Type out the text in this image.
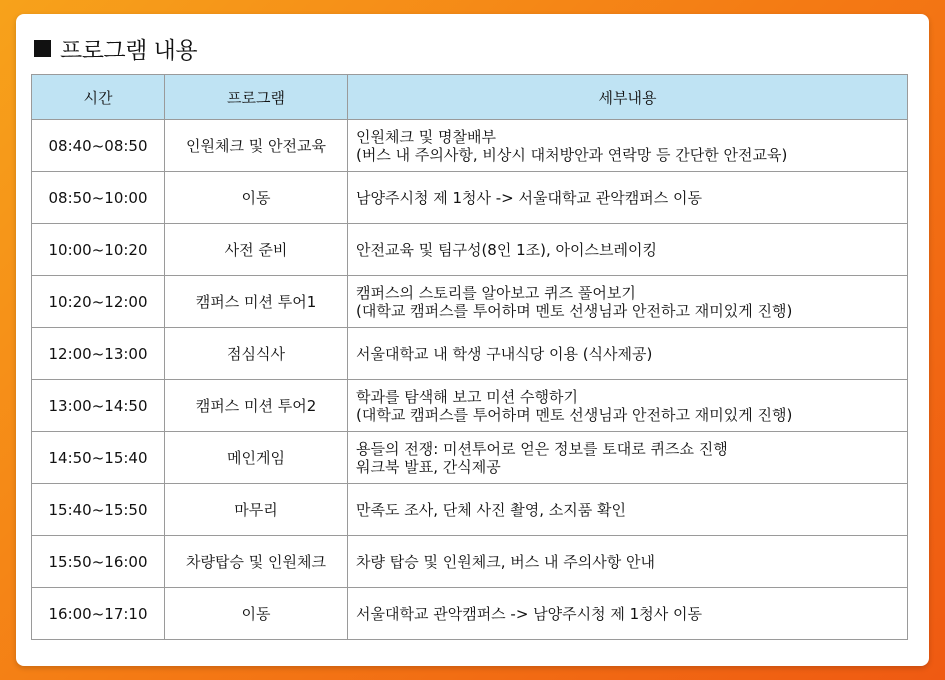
프로그램 내용
시간	프로그램	세부내용
08:40~08:50	인원체크 및 안전교육	인원체크 및 명찰배부
(버스 내 주의사항, 비상시 대처방안과 연락망 등 간단한 안전교육)

08:50~10:00	이동	남양주시청 제 1청사 -> 서울대학교 관악캠퍼스 이동

10:00~10:20	사전 준비	안전교육 및 팀구성(8인 1조), 아이스브레이킹

10:20~12:00	캠퍼스 미션 투어1	캠퍼스의 스토리를 알아보고 퀴즈 풀어보기
(대학교 캠퍼스를 투어하며 멘토 선생님과 안전하고 재미있게 진행)

12:00~13:00	점심식사	서울대학교 내 학생 구내식당 이용 (식사제공)

13:00~14:50	캠퍼스 미션 투어2	학과를 탐색해 보고 미션 수행하기
(대학교 캠퍼스를 투어하며 멘토 선생님과 안전하고 재미있게 진행)

14:50~15:40	메인게임	용들의 전쟁: 미션투어로 얻은 정보를 토대로 퀴즈쇼 진행
워크북 발표, 간식제공

15:40~15:50	마무리	만족도 조사, 단체 사진 촬영, 소지품 확인

15:50~16:00	차량탑승 및 인원체크	차량 탑승 및 인원체크, 버스 내 주의사항 안내

16:00~17:10	이동	서울대학교 관악캠퍼스 -> 남양주시청 제 1청사 이동
